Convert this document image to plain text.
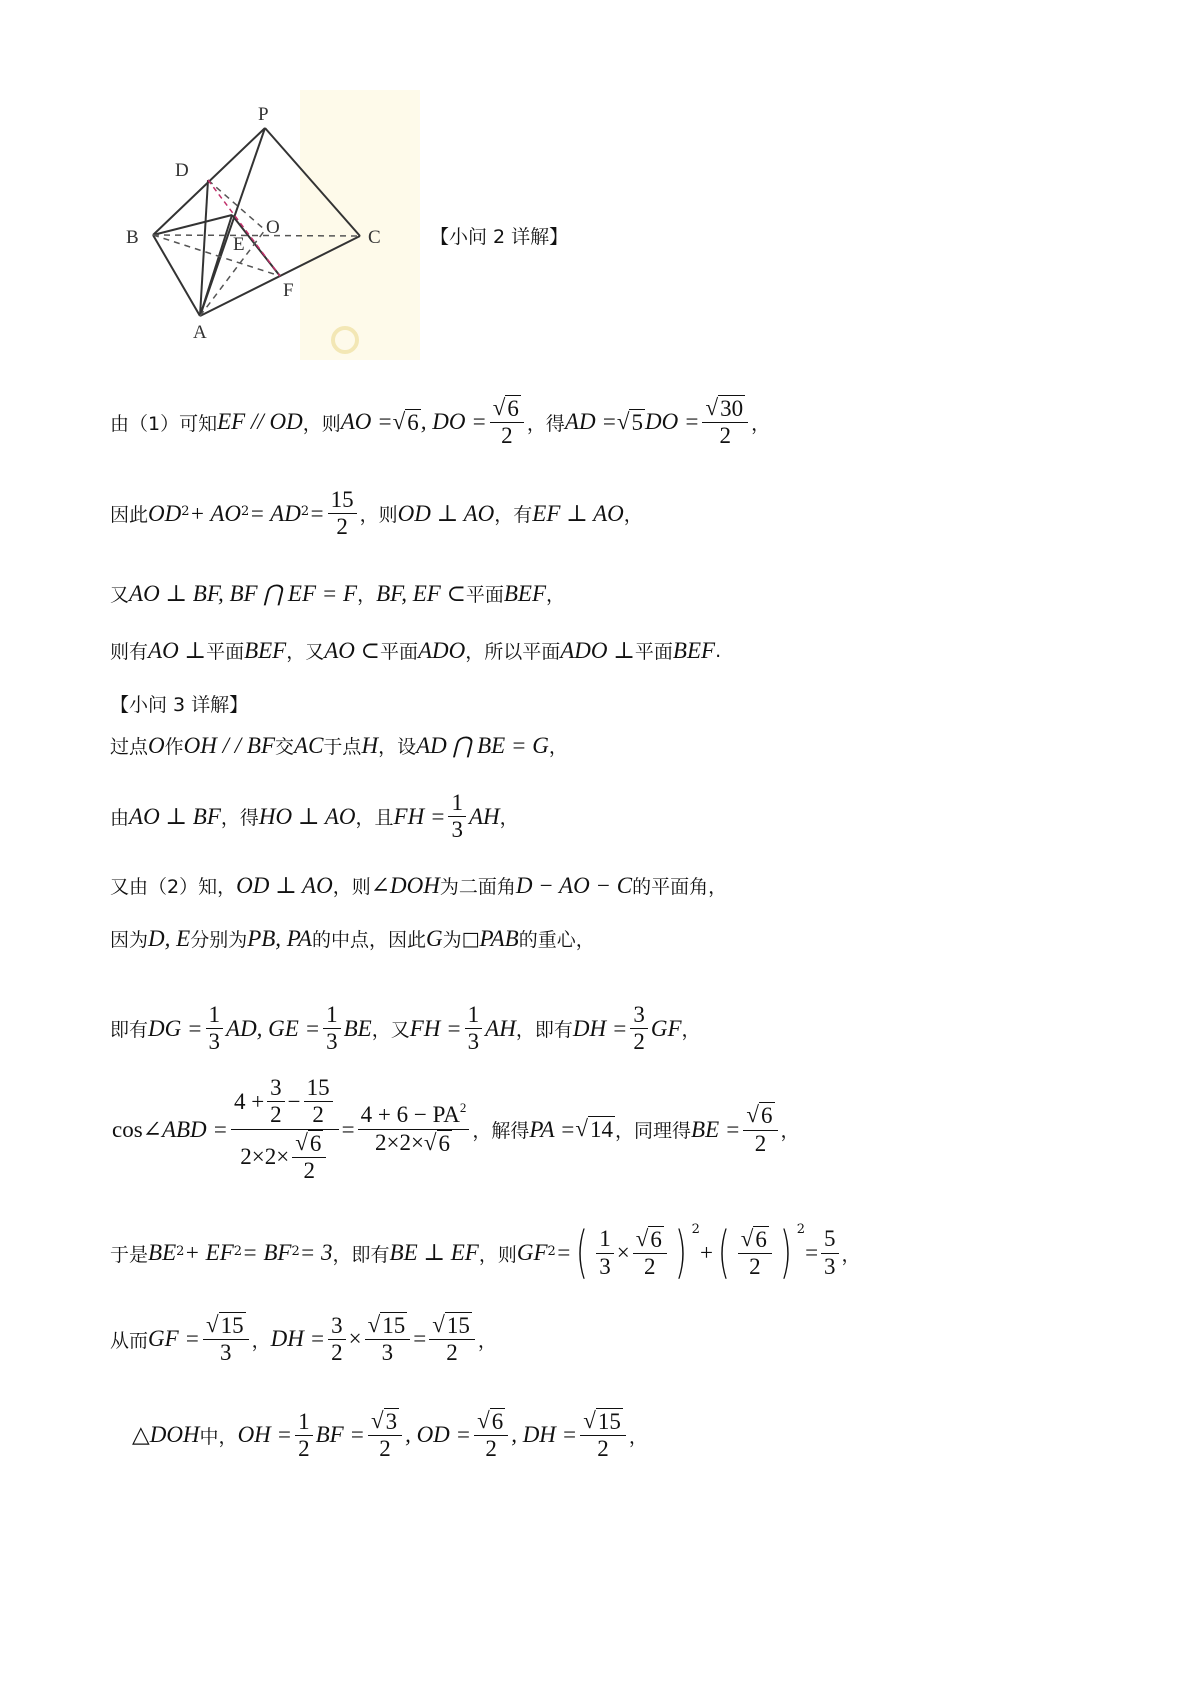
P
D
B	O
E	C
F
A
【小问 2 详解】
由（1）可知 EF // OD ，则 AO = √ 6 , DO = $\frac{√ 6}{2}$ ，得 AD = √ 5 DO = $\frac{√ 30}{2}$ ，
因此 $OD^2 + AO^2 = AD^2 = \frac{15}{2}$ ，则 OD ⊥ AO ，有 EF ⊥ AO ，
又 AO ⊥ BF, BF ⋂ EF = F ， BF, EF ⊂ 平面 BEF ，
则有 AO ⊥ 平面 BEF ，又 AO ⊂ 平面 ADO ，所以平面 ADO ⊥ 平面 BEF .
【小问 3 详解】
过点 O 作 OH / / BF 交 AC 于点 H ，设 AD ⋂ BE = G ，
由 AO ⊥ BF ，得 HO ⊥ AO ，且 FH = $\frac{1}{3}$ AH ，
又由（2）知， OD ⊥ AO ，则 ∠DOH 为二面角 D − AO − C 的平面角，
因为 D, E 分别为 PB, PA 的中点，因此 G 为 □ PAB 的重心，
即有 DG = $\frac{1}{3}$ AD, GE = $\frac{1}{3}$ BE ，又 FH = $\frac{1}{3}$ AH ，即有 DH = $\frac{3}{2}$ GF ，
cos ∠ABD = $\frac{4 + \frac{3}{2} - \frac{15}{2}}{2\times 2\times \frac{√ 6}{2}} = \frac{4 + 6 - PA^2}{2\times 2\times √ 6}$ ，解得 PA = √ 14 ，同理得 BE = $\frac{√ 6}{2}$ ，
于是 $BE^2 + EF^2 = BF^2 = 3$ ，即有 BE ⊥ EF ，则 $GF^2$ = ( $\frac{1}{3} \times \frac{√ 6}{2}$ ) $^2$
+ ( $\frac{√ 6}{2}$ ) $^2$
= $\frac{5}{3}$ ，
从而 GF = $\frac{√ 15}{3}$ ， DH = $\frac{3}{2} \times \frac{√ 15}{3} = \frac{√ 15}{2}$ ，
△ DOH 中， OH = $\frac{1}{2}$ BF = $\frac{√ 3}{2}$ , OD = $\frac{√ 6}{2}$ , DH = $\frac{√ 15}{2}$ ，
